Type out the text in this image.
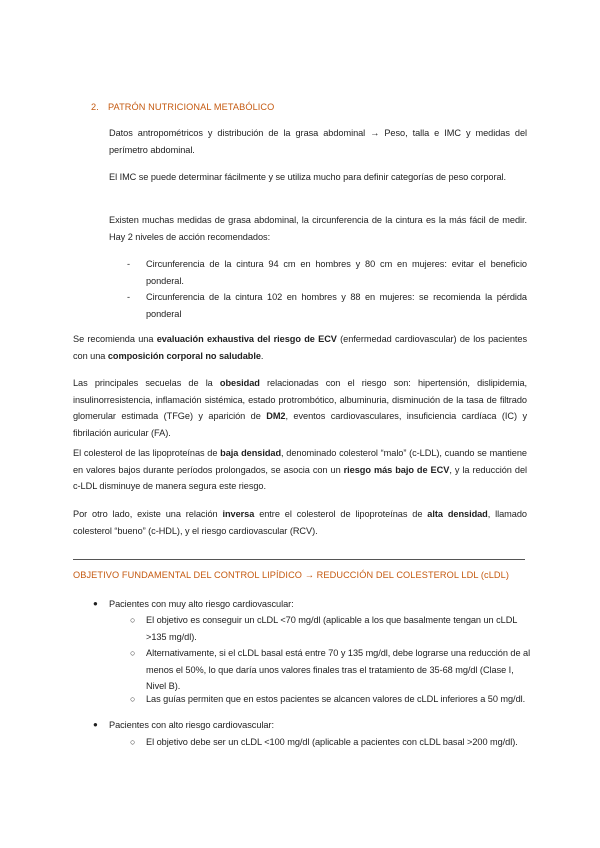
2. PATRÓN NUTRICIONAL METABÓLICO
Datos antropométricos y distribución de la grasa abdominal → Peso, talla e IMC y medidas del perímetro abdominal.
El IMC se puede determinar fácilmente y se utiliza mucho para definir categorías de peso corporal.
Existen muchas medidas de grasa abdominal, la circunferencia de la cintura es la más fácil de medir. Hay 2 niveles de acción recomendados:
- Circunferencia de la cintura 94 cm en hombres y 80 cm en mujeres: evitar el beneficio ponderal.
- Circunferencia de la cintura 102 en hombres y 88 en mujeres: se recomienda la pérdida ponderal
Se recomienda una evaluación exhaustiva del riesgo de ECV (enfermedad cardiovascular) de los pacientes con una composición corporal no saludable.
Las principales secuelas de la obesidad relacionadas con el riesgo son: hipertensión, dislipidemia, insulinorresistencia, inflamación sistémica, estado protrombótico, albuminuria, disminución de la tasa de filtrado glomerular estimada (TFGe) y aparición de DM2, eventos cardiovasculares, insuficiencia cardíaca (IC) y fibrilación auricular (FA).
El colesterol de las lipoproteínas de baja densidad, denominado colesterol “malo” (c-LDL), cuando se mantiene en valores bajos durante períodos prolongados, se asocia con un riesgo más bajo de ECV, y la reducción del c-LDL disminuye de manera segura este riesgo.
Por otro lado, existe una relación inversa entre el colesterol de lipoproteínas de alta densidad, llamado colesterol “bueno” (c-HDL), y el riesgo cardiovascular (RCV).
OBJETIVO FUNDAMENTAL DEL CONTROL LIPÍDICO → REDUCCIÓN DEL COLESTEROL LDL (cLDL)
● Pacientes con muy alto riesgo cardiovascular:
○ El objetivo es conseguir un cLDL <70 mg/dl (aplicable a los que basalmente tengan un cLDL >135 mg/dl).
○ Alternativamente, si el cLDL basal está entre 70 y 135 mg/dl, debe lograrse una reducción de al menos el 50%, lo que daría unos valores finales tras el tratamiento de 35-68 mg/dl (Clase I, Nivel B).
○ Las guías permiten que en estos pacientes se alcancen valores de cLDL inferiores a 50 mg/dl.
● Pacientes con alto riesgo cardiovascular:
○ El objetivo debe ser un cLDL <100 mg/dl (aplicable a pacientes con cLDL basal >200 mg/dl).
